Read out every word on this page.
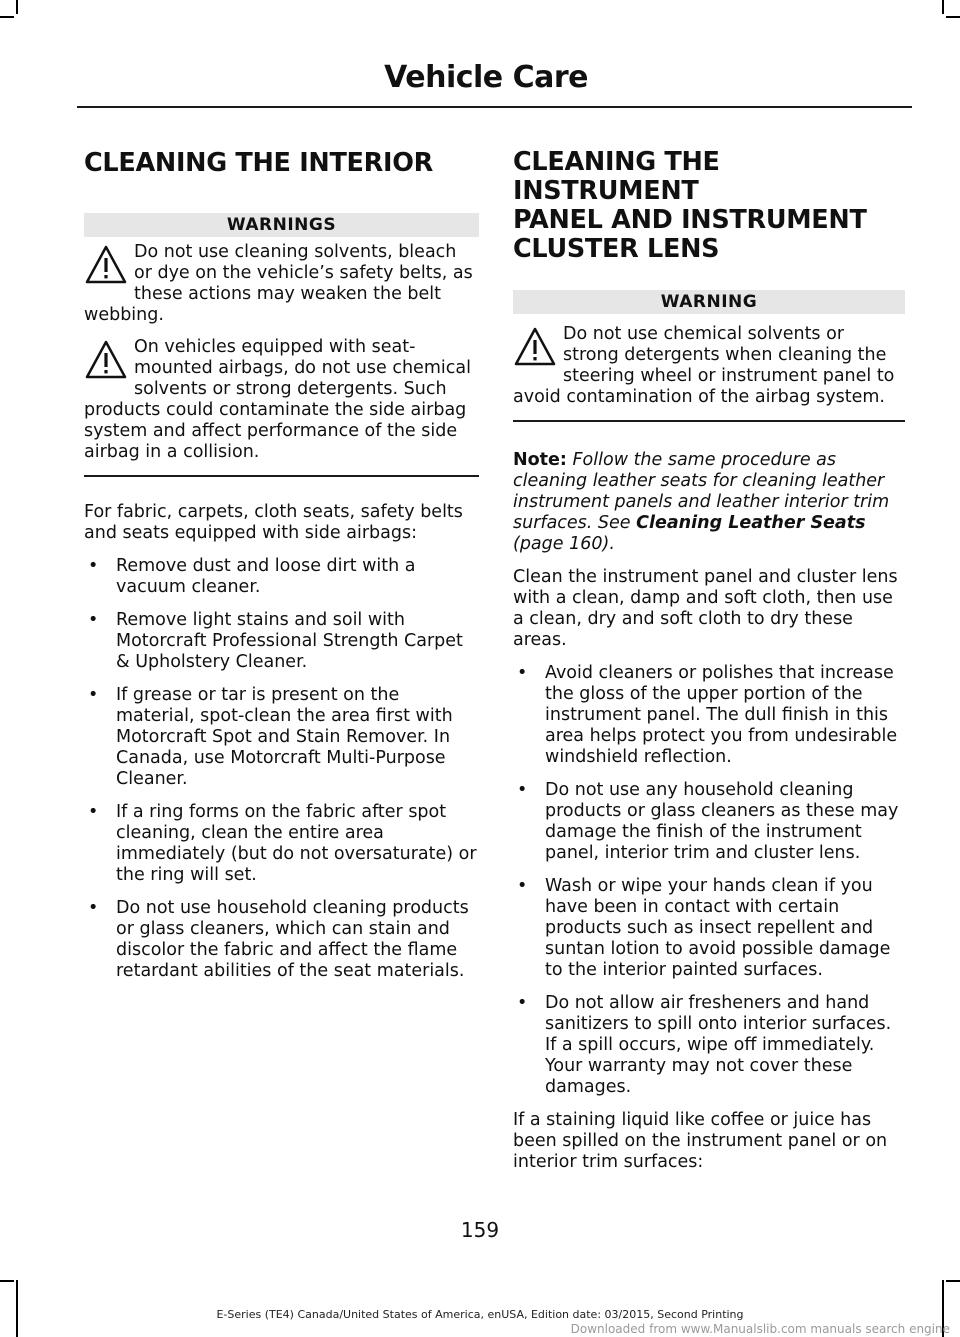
Vehicle Care
CLEANING THE INTERIOR
WARNINGS

Do not use cleaning solvents, bleach or dye on the vehicle’s safety belts, as these actions may weaken the belt webbing.

On vehicles equipped with seat-mounted airbags, do not use chemical solvents or strong detergents. Such products could contaminate the side airbag system and affect performance of the side airbag in a collision.

For fabric, carpets, cloth seats, safety belts and seats equipped with side airbags:

• Remove dust and loose dirt with a vacuum cleaner.
• Remove light stains and soil with Motorcraft Professional Strength Carpet & Upholstery Cleaner.
• If grease or tar is present on the material, spot-clean the area first with Motorcraft Spot and Stain Remover. In Canada, use Motorcraft Multi-Purpose Cleaner.
• If a ring forms on the fabric after spot cleaning, clean the entire area immediately (but do not oversaturate) or the ring will set.
• Do not use household cleaning products or glass cleaners, which can stain and discolor the fabric and affect the flame retardant abilities of the seat materials.
CLEANING THE INSTRUMENT
PANEL AND INSTRUMENT
CLUSTER LENS
WARNING

Do not use chemical solvents or strong detergents when cleaning the steering wheel or instrument panel to avoid contamination of the airbag system.

Note: Follow the same procedure as cleaning leather seats for cleaning leather instrument panels and leather interior trim surfaces. See Cleaning Leather Seats (page 160).

Clean the instrument panel and cluster lens with a clean, damp and soft cloth, then use a clean, dry and soft cloth to dry these areas.

• Avoid cleaners or polishes that increase the gloss of the upper portion of the instrument panel. The dull finish in this area helps protect you from undesirable windshield reflection.
• Do not use any household cleaning products or glass cleaners as these may damage the finish of the instrument panel, interior trim and cluster lens.
• Wash or wipe your hands clean if you have been in contact with certain products such as insect repellent and suntan lotion to avoid possible damage to the interior painted surfaces.
• Do not allow air fresheners and hand sanitizers to spill onto interior surfaces. If a spill occurs, wipe off immediately. Your warranty may not cover these damages.

If a staining liquid like coffee or juice has been spilled on the instrument panel or on interior trim surfaces:

159
E-Series (TE4) Canada/United States of America, enUSA, Edition date: 03/2015, Second Printing
Downloaded from www.Manualslib.com manuals search engine
